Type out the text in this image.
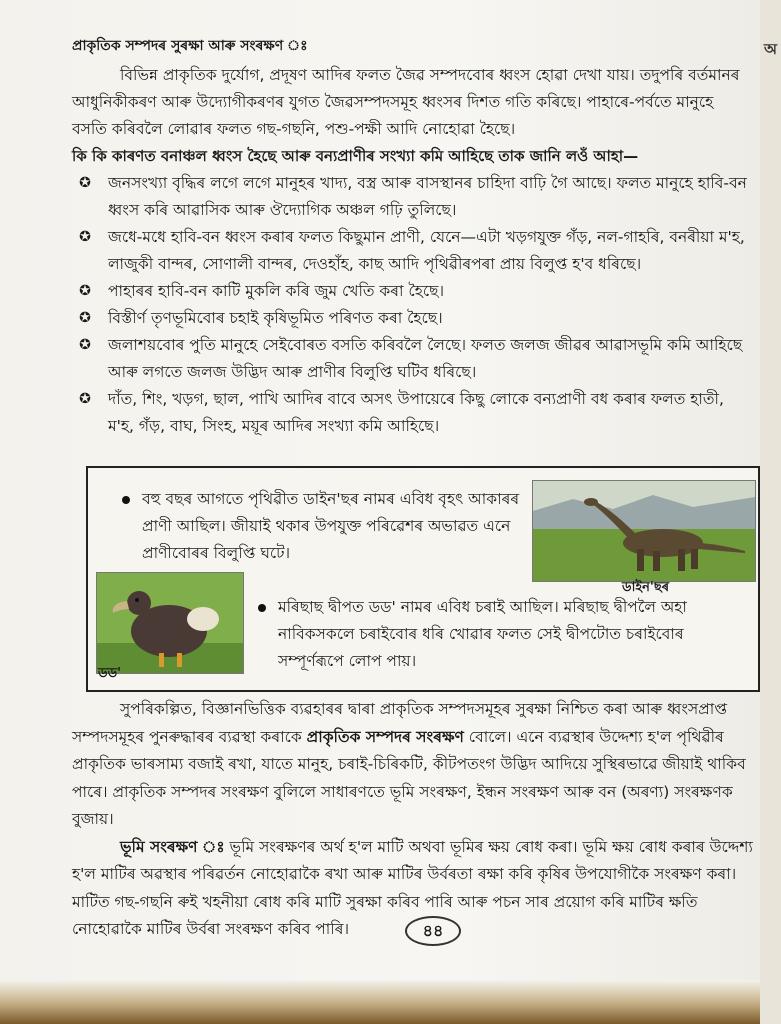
প্ৰাকৃতিক সম্পদৰ সুৰক্ষা আৰু সংৰক্ষণ ঃ

বিভিন্ন প্ৰাকৃতিক দুৰ্যোগ, প্ৰদূষণ আদিৰ ফলত জৈৱ সম্পদবোৰ ধ্বংস হোৱা দেখা যায়। তদুপৰি বৰ্তমানৰ আধুনিকীকৰণ আৰু উদ্যোগীকৰণৰ যুগত জৈৱসম্পদসমূহ ধ্বংসৰ দিশত গতি কৰিছে। পাহাৰে-পৰ্বতে মানুহে বসতি কৰিবলৈ লোৱাৰ ফলত গছ-গছনি, পশু-পক্ষী আদি নোহোৱা হৈছে।

কি কি কাৰণত বনাঞ্চল ধ্বংস হৈছে আৰু বন্যপ্ৰাণীৰ সংখ্যা কমি আহিছে তাক জানি লওঁ আহা—

✪ জনসংখ্যা বৃদ্ধিৰ লগে লগে মানুহৰ খাদ্য, বস্ত্ৰ আৰু বাসস্থানৰ চাহিদা বাঢ়ি গৈ আছে। ফলত মানুহে হাবি-বন ধ্বংস কৰি আৱাসিক আৰু ঔদ্যোগিক অঞ্চল গঢ়ি তুলিছে।
✪ জধে-মধে হাবি-বন ধ্বংস কৰাৰ ফলত কিছুমান প্ৰাণী, যেনে—এটা খড়গযুক্ত গঁড়, নল-গাহৰি, বনৰীয়া ম'হ, লাজুকী বান্দৰ, সোণালী বান্দৰ, দেওহাঁহ, কাছ আদি পৃথিৱীৰপৰা প্ৰায় বিলুপ্ত হ'ব ধৰিছে।
✪ পাহাৰৰ হাবি-বন কাটি মুকলি কৰি জুম খেতি কৰা হৈছে।
✪ বিস্তীৰ্ণ তৃণভূমিবোৰ চহাই কৃষিভূমিত পৰিণত কৰা হৈছে।
✪ জলাশয়বোৰ পুতি মানুহে সেইবোৰত বসতি কৰিবলৈ লৈছে। ফলত জলজ জীৱৰ আৱাসভূমি কমি আহিছে আৰু লগতে জলজ উদ্ভিদ আৰু প্ৰাণীৰ বিলুপ্তি ঘটিব ধৰিছে।
✪ দাঁত, শিং, খড়গ, ছাল, পাখি আদিৰ বাবে অসৎ উপায়েৰে কিছু লোকে বন্যপ্ৰাণী বধ কৰাৰ ফলত হাতী, ম'হ, গঁড়, বাঘ, সিংহ, ময়ূৰ আদিৰ সংখ্যা কমি আহিছে।
বহু বছৰ আগতে পৃথিৱীত ডাইন'ছৰ নামৰ এবিধ বৃহৎ আকাৰৰ প্ৰাণী আছিল। জীয়াই থকাৰ উপযুক্ত পৰিৱেশৰ অভাৱত এনে প্ৰাণীবোৰৰ বিলুপ্তি ঘটে।
ডাইন'ছৰ
ডড'
মৰিছাছ দ্বীপত ডড' নামৰ এবিধ চৰাই আছিল। মৰিছাছ দ্বীপলৈ অহা নাবিকসকলে চৰাইবোৰ ধৰি খোৱাৰ ফলত সেই দ্বীপটোত চৰাইবোৰ সম্পূৰ্ণৰূপে লোপ পায়।

সুপৰিকল্পিত, বিজ্ঞানভিত্তিক ব্যৱহাৰৰ দ্বাৰা প্ৰাকৃতিক সম্পদসমূহৰ সুৰক্ষা নিশ্চিত কৰা আৰু ধ্বংসপ্ৰাপ্ত সম্পদসমূহৰ পুনৰুদ্ধাৰৰ ব্যৱস্থা কৰাকে প্ৰাকৃতিক সম্পদৰ সংৰক্ষণ বোলে। এনে ব্যৱস্থাৰ উদ্দেশ্য হ'ল পৃথিৱীৰ প্ৰাকৃতিক ভাৰসাম্য বজাই ৰখা, যাতে মানুহ, চৰাই-চিৰিকটি, কীটপতংগ উদ্ভিদ আদিয়ে সুস্থিৰভাৱে জীয়াই থাকিব পাৰে। প্ৰাকৃতিক সম্পদৰ সংৰক্ষণ বুলিলে সাধাৰণতে ভূমি সংৰক্ষণ, ইন্ধন সংৰক্ষণ আৰু বন (অৰণ্য) সংৰক্ষণক বুজায়।

ভূমি সংৰক্ষণ ঃ ভূমি সংৰক্ষণৰ অৰ্থ হ'ল মাটি অথবা ভূমিৰ ক্ষয় ৰোধ কৰা। ভূমি ক্ষয় ৰোধ কৰাৰ উদ্দেশ্য হ'ল মাটিৰ অৱস্থাৰ পৰিৱৰ্তন নোহোৱাকৈ ৰখা আৰু মাটিৰ উৰ্বৰতা ৰক্ষা কৰি কৃষিৰ উপযোগীকৈ সংৰক্ষণ কৰা। মাটিত গছ-গছনি ৰুই খহনীয়া ৰোধ কৰি মাটি সুৰক্ষা কৰিব পাৰি আৰু পচন সাৰ প্ৰয়োগ কৰি মাটিৰ ক্ষতি নোহোৱাকৈ মাটিৰ উৰ্বৰা সংৰক্ষণ কৰিব পাৰি।	৪৪
অ
